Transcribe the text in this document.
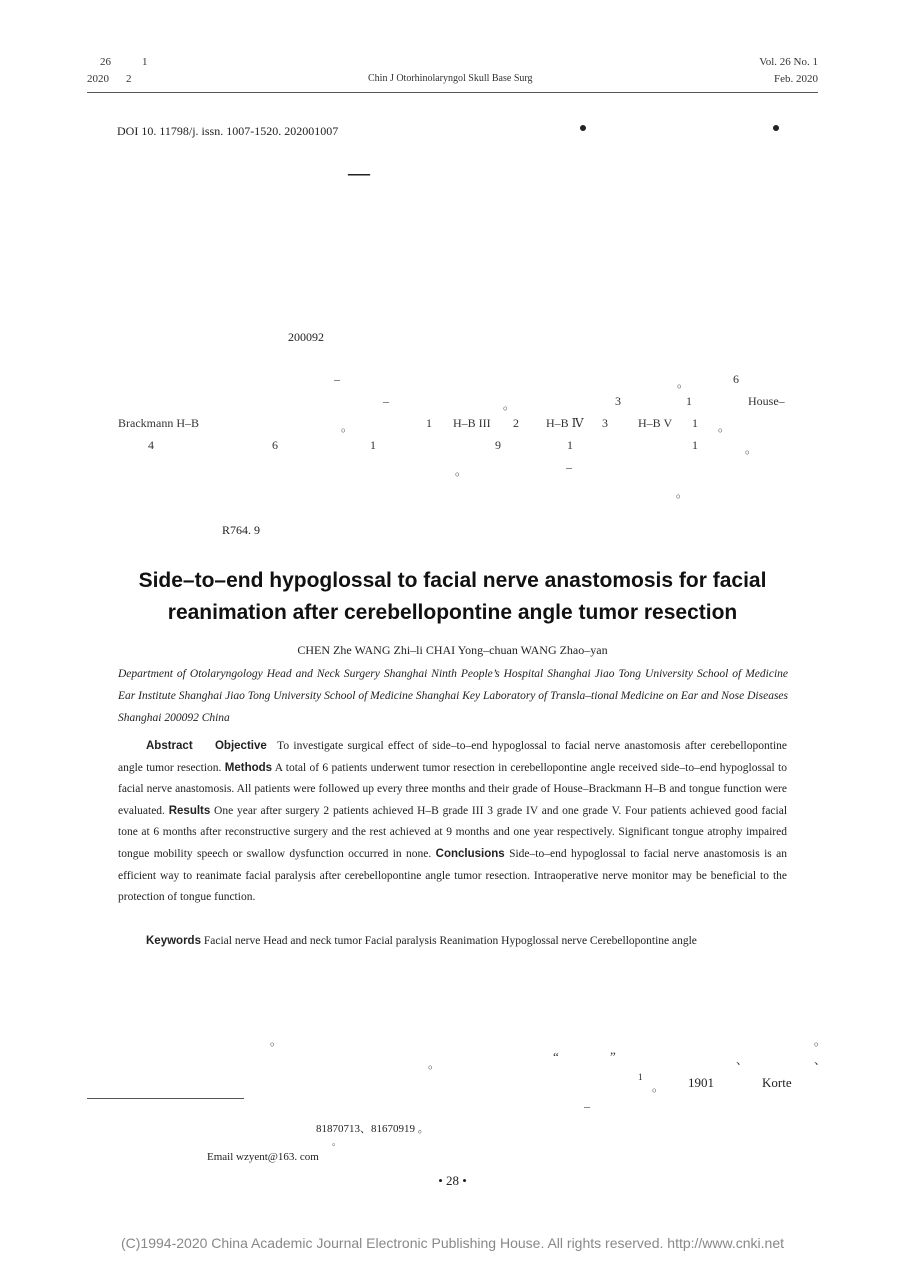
26	1
2020 2	Chin J Otorhinolaryngol Skull Base Surg
Vol. 26 No. 1
Feb. 2020
DOI 10. 11798/j. issn. 1007-1520. 202001007
—
200092
–	。	6
–	。	3	1	House–
Brackmann H–B	。	1 H–B III 2 H–B Ⅳ 3	H–B V 1 。
4	6	1	9	1	1	。
。	–
。
R764. 9
Side–to–end hypoglossal to facial nerve anastomosis for facial
reanimation after cerebellopontine angle tumor resection
CHEN Zhe WANG Zhi–li CHAI Yong–chuan WANG Zhao–yan
Department of Otolaryngology Head and Neck Surgery Shanghai Ninth People’s Hospital Shanghai Jiao Tong University School of Medicine Ear Institute Shanghai Jiao Tong University School of Medicine Shanghai Key Laboratory of Transla–tional Medicine on Ear and Nose Diseases Shanghai 200092 China
Abstract Objective To investigate surgical effect of side–to–end hypoglossal to facial nerve anastomosis after cerebellopontine angle tumor resection. Methods A total of 6 patients underwent tumor resection in cerebellopontine angle received side–to–end hypoglossal to facial nerve anastomosis. All patients were followed up every three months and their grade of House–Brackmann H–B and tongue function were evaluated. Results One year after surgery 2 patients achieved H–B grade III 3 grade IV and one grade V. Four patients achieved good facial tone at 6 months after reconstructive surgery and the rest achieved at 9 months and one year respectively. Significant tongue atrophy impaired tongue mobility speech or swallow dysfunction occurred in none. Conclusions Side–to–end hypoglossal to facial nerve anastomosis is an efficient way to reanimate facial paralysis after cerebellopontine angle tumor resection. Intraoperative nerve monitor may be beneficial to the protection of tongue function.
Keywords Facial nerve Head and neck tumor Facial paralysis Reanimation Hypoglossal nerve Cerebellopontine angle
。	。
。	“	”	、	、
1
。 1901	Korte
–
81870713、81670919 。
。
Email wzyent@163. com
• 28 •
(C)1994-2020 China Academic Journal Electronic Publishing House. All rights reserved. http://www.cnki.net
